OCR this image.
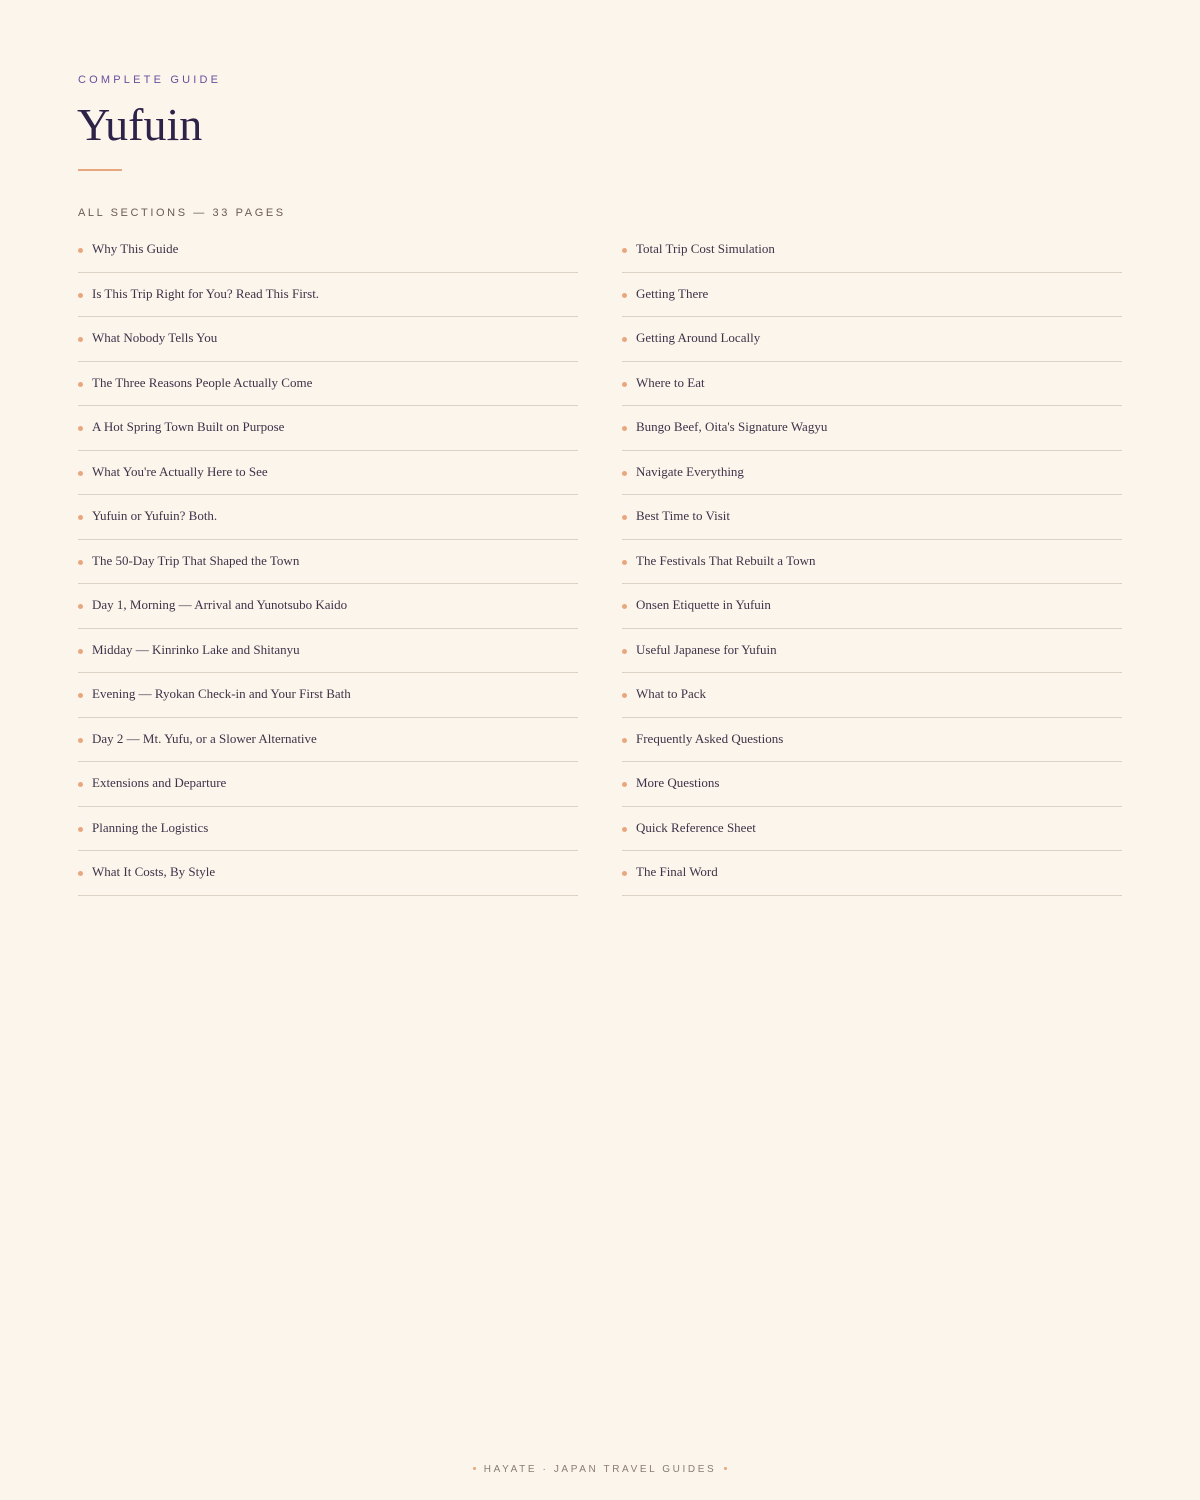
COMPLETE GUIDE
Yufuin
ALL SECTIONS — 33 PAGES
Why This Guide
Is This Trip Right for You? Read This First.
What Nobody Tells You
The Three Reasons People Actually Come
A Hot Spring Town Built on Purpose
What You're Actually Here to See
Yufuin or Yufuin? Both.
The 50-Day Trip That Shaped the Town
Day 1, Morning — Arrival and Yunotsubo Kaido
Midday — Kinrinko Lake and Shitanyu
Evening — Ryokan Check-in and Your First Bath
Day 2 — Mt. Yufu, or a Slower Alternative
Extensions and Departure
Planning the Logistics
What It Costs, By Style
Total Trip Cost Simulation
Getting There
Getting Around Locally
Where to Eat
Bungo Beef, Oita's Signature Wagyu
Navigate Everything
Best Time to Visit
The Festivals That Rebuilt a Town
Onsen Etiquette in Yufuin
Useful Japanese for Yufuin
What to Pack
Frequently Asked Questions
More Questions
Quick Reference Sheet
The Final Word
HAYATE · JAPAN TRAVEL GUIDES
